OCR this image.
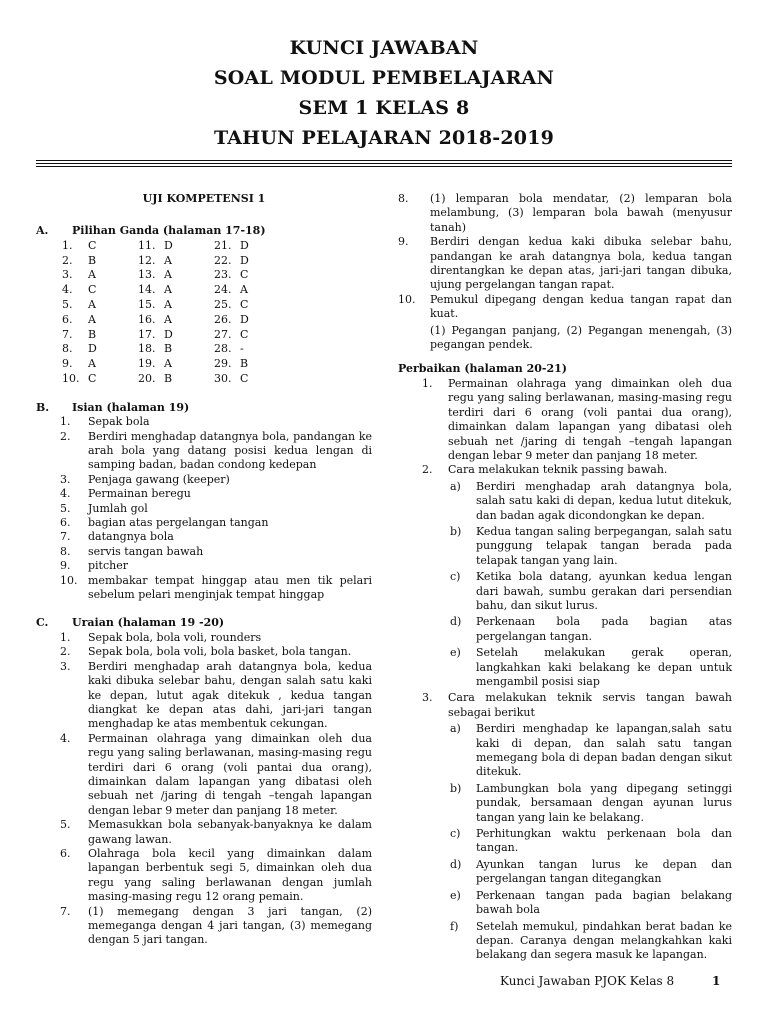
KUNCI JAWABAN
SOAL MODUL PEMBELAJARAN
SEM 1 KELAS 8
TAHUN PELAJARAN 2018-2019
UJI KOMPETENSI 1
A. Pilihan Ganda (halaman 17-18)
1. C	11. D	21. D
2. B	12. A	22. D
3. A	13. A	23. C
4. C	14. A	24. A
5. A	15. A	25. C
6. A	16. A	26. D
7. B	17. D	27. C
8. D	18. B	28. -
9. A	19. A	29. B
10. C	20. B	30. C
B. Isian (halaman 19)
1. Sepak bola
2. Berdiri menghadap datangnya bola, pandangan ke arah bola yang datang posisi kedua lengan di samping badan, badan condong kedepan
3. Penjaga gawang (keeper)
4. Permainan beregu
5. Jumlah gol
6. bagian atas pergelangan tangan
7. datangnya bola
8. servis tangan bawah
9. pitcher
10. membakar tempat hinggap atau men tik pelari sebelum pelari menginjak tempat hinggap
C. Uraian (halaman 19 -20)
1. Sepak bola, bola voli, rounders
2. Sepak bola, bola voli, bola basket, bola tangan.
3. Berdiri menghadap arah datangnya bola, kedua kaki dibuka selebar bahu, dengan salah satu kaki ke depan, lutut agak ditekuk , kedua tangan diangkat ke depan atas dahi, jari-jari tangan menghadap ke atas membentuk cekungan.
4. Permainan olahraga yang dimainkan oleh dua regu yang saling berlawanan, masing-masing regu terdiri dari 6 orang (voli pantai dua orang), dimainkan dalam lapangan yang dibatasi oleh sebuah net /jaring di tengah –tengah lapangan dengan lebar 9 meter dan panjang 18 meter.
5. Memasukkan bola sebanyak-banyaknya ke dalam gawang lawan.
6. Olahraga bola kecil yang dimainkan dalam lapangan berbentuk segi 5, dimainkan oleh dua regu yang saling berlawanan dengan jumlah masing-masing regu 12 orang pemain.
7. (1) memegang dengan 3 jari tangan, (2) memeganga dengan 4 jari tangan, (3) memegang dengan 5 jari tangan.
8. (1) lemparan bola mendatar, (2) lemparan bola melambung, (3) lemparan bola bawah (menyusur tanah)
9. Berdiri dengan kedua kaki dibuka selebar bahu, pandangan ke arah datangnya bola, kedua tangan direntangkan ke depan atas, jari-jari tangan dibuka, ujung pergelangan tangan rapat.
10. Pemukul dipegang dengan kedua tangan rapat dan kuat.
(1) Pegangan panjang, (2) Pegangan menengah, (3) pegangan pendek.
Perbaikan (halaman 20-21)
1. Permainan olahraga yang dimainkan oleh dua regu yang saling berlawanan, masing-masing regu terdiri dari 6 orang (voli pantai dua orang), dimainkan dalam lapangan yang dibatasi oleh sebuah net /jaring di tengah –tengah lapangan dengan lebar 9 meter dan panjang 18 meter.
2. Cara melakukan teknik passing bawah.
a) Berdiri menghadap arah datangnya bola, salah satu kaki di depan, kedua lutut ditekuk, dan badan agak dicondongkan ke depan.
b) Kedua tangan saling berpegangan, salah satu punggung telapak tangan berada pada telapak tangan yang lain.
c) Ketika bola datang, ayunkan kedua lengan dari bawah, sumbu gerakan dari persendian bahu, dan sikut lurus.
d) Perkenaan bola pada bagian atas pergelangan tangan.
e) Setelah melakukan gerak operan, langkahkan kaki belakang ke depan untuk mengambil posisi siap
3. Cara melakukan teknik servis tangan bawah sebagai berikut
a) Berdiri menghadap ke lapangan,salah satu kaki di depan, dan salah satu tangan memegang bola di depan badan dengan sikut ditekuk.
b) Lambungkan bola yang dipegang setinggi pundak, bersamaan dengan ayunan lurus tangan yang lain ke belakang.
c) Perhitungkan waktu perkenaan bola dan tangan.
d) Ayunkan tangan lurus ke depan dan pergelangan tangan ditegangkan
e) Perkenaan tangan pada bagian belakang bawah bola
f) Setelah memukul, pindahkan berat badan ke depan. Caranya dengan melangkahkan kaki belakang dan segera masuk ke lapangan.
Kunci Jawaban PJOK Kelas 8	1
